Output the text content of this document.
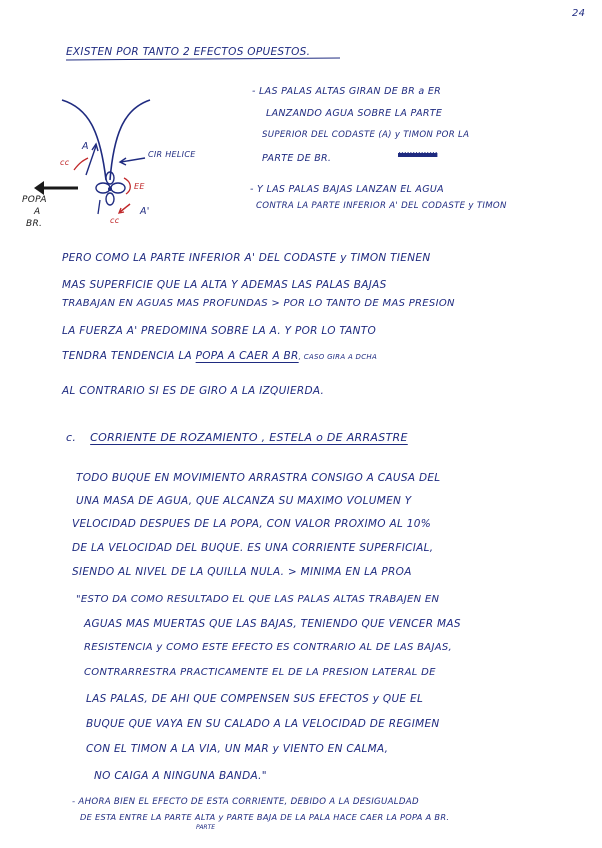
24
EXISTEN POR TANTO 2 EFECTOS OPUESTOS.
A
cc
CIR HELICE
EE
A'
cc
POPA
A
BR.
- LAS PALAS ALTAS GIRAN DE BR a ER
LANZANDO AGUA SOBRE LA PARTE
SUPERIOR DEL CODASTE (A) y TIMON POR LA
PARTE DE BR.	xxxxxxx
- Y LAS PALAS BAJAS LANZAN EL AGUA
CONTRA LA PARTE INFERIOR A' DEL CODASTE y TIMON
PERO COMO LA PARTE INFERIOR A' DEL CODASTE y TIMON TIENEN
MAS SUPERFICIE QUE LA ALTA Y ADEMAS LAS PALAS BAJAS
TRABAJAN EN AGUAS MAS PROFUNDAS > POR LO TANTO DE MAS PRESION
LA FUERZA A' PREDOMINA SOBRE LA A. Y POR LO TANTO
TENDRA TENDENCIA LA POPA A CAER A BR, CASO GIRA A DCHA
AL CONTRARIO SI ES DE GIRO A LA IZQUIERDA.
c. CORRIENTE DE ROZAMIENTO , ESTELA o DE ARRASTRE
TODO BUQUE EN MOVIMIENTO ARRASTRA CONSIGO A CAUSA DEL
UNA MASA DE AGUA, QUE ALCANZA SU MAXIMO VOLUMEN Y
VELOCIDAD DESPUES DE LA POPA, CON VALOR PROXIMO AL 10%
DE LA VELOCIDAD DEL BUQUE. ES UNA CORRIENTE SUPERFICIAL,
SIENDO AL NIVEL DE LA QUILLA NULA. > MINIMA EN LA PROA
"ESTO DA COMO RESULTADO EL QUE LAS PALAS ALTAS TRABAJEN EN
AGUAS MAS MUERTAS QUE LAS BAJAS, TENIENDO QUE VENCER MAS
RESISTENCIA y COMO ESTE EFECTO ES CONTRARIO AL DE LAS BAJAS,
CONTRARRESTRA PRACTICAMENTE EL DE LA PRESION LATERAL DE
LAS PALAS, DE AHI QUE COMPENSEN SUS EFECTOS y QUE EL
BUQUE QUE VAYA EN SU CALADO A LA VELOCIDAD DE REGIMEN
CON EL TIMON A LA VIA, UN MAR y VIENTO EN CALMA,
NO CAIGA A NINGUNA BANDA."
- AHORA BIEN EL EFECTO DE ESTA CORRIENTE, DEBIDO A LA DESIGUALDAD
DE ESTA ENTRE LA PARTE ALTA y PARTE BAJA DE LA PALA HACE CAER LA POPA A BR.
PARTE
